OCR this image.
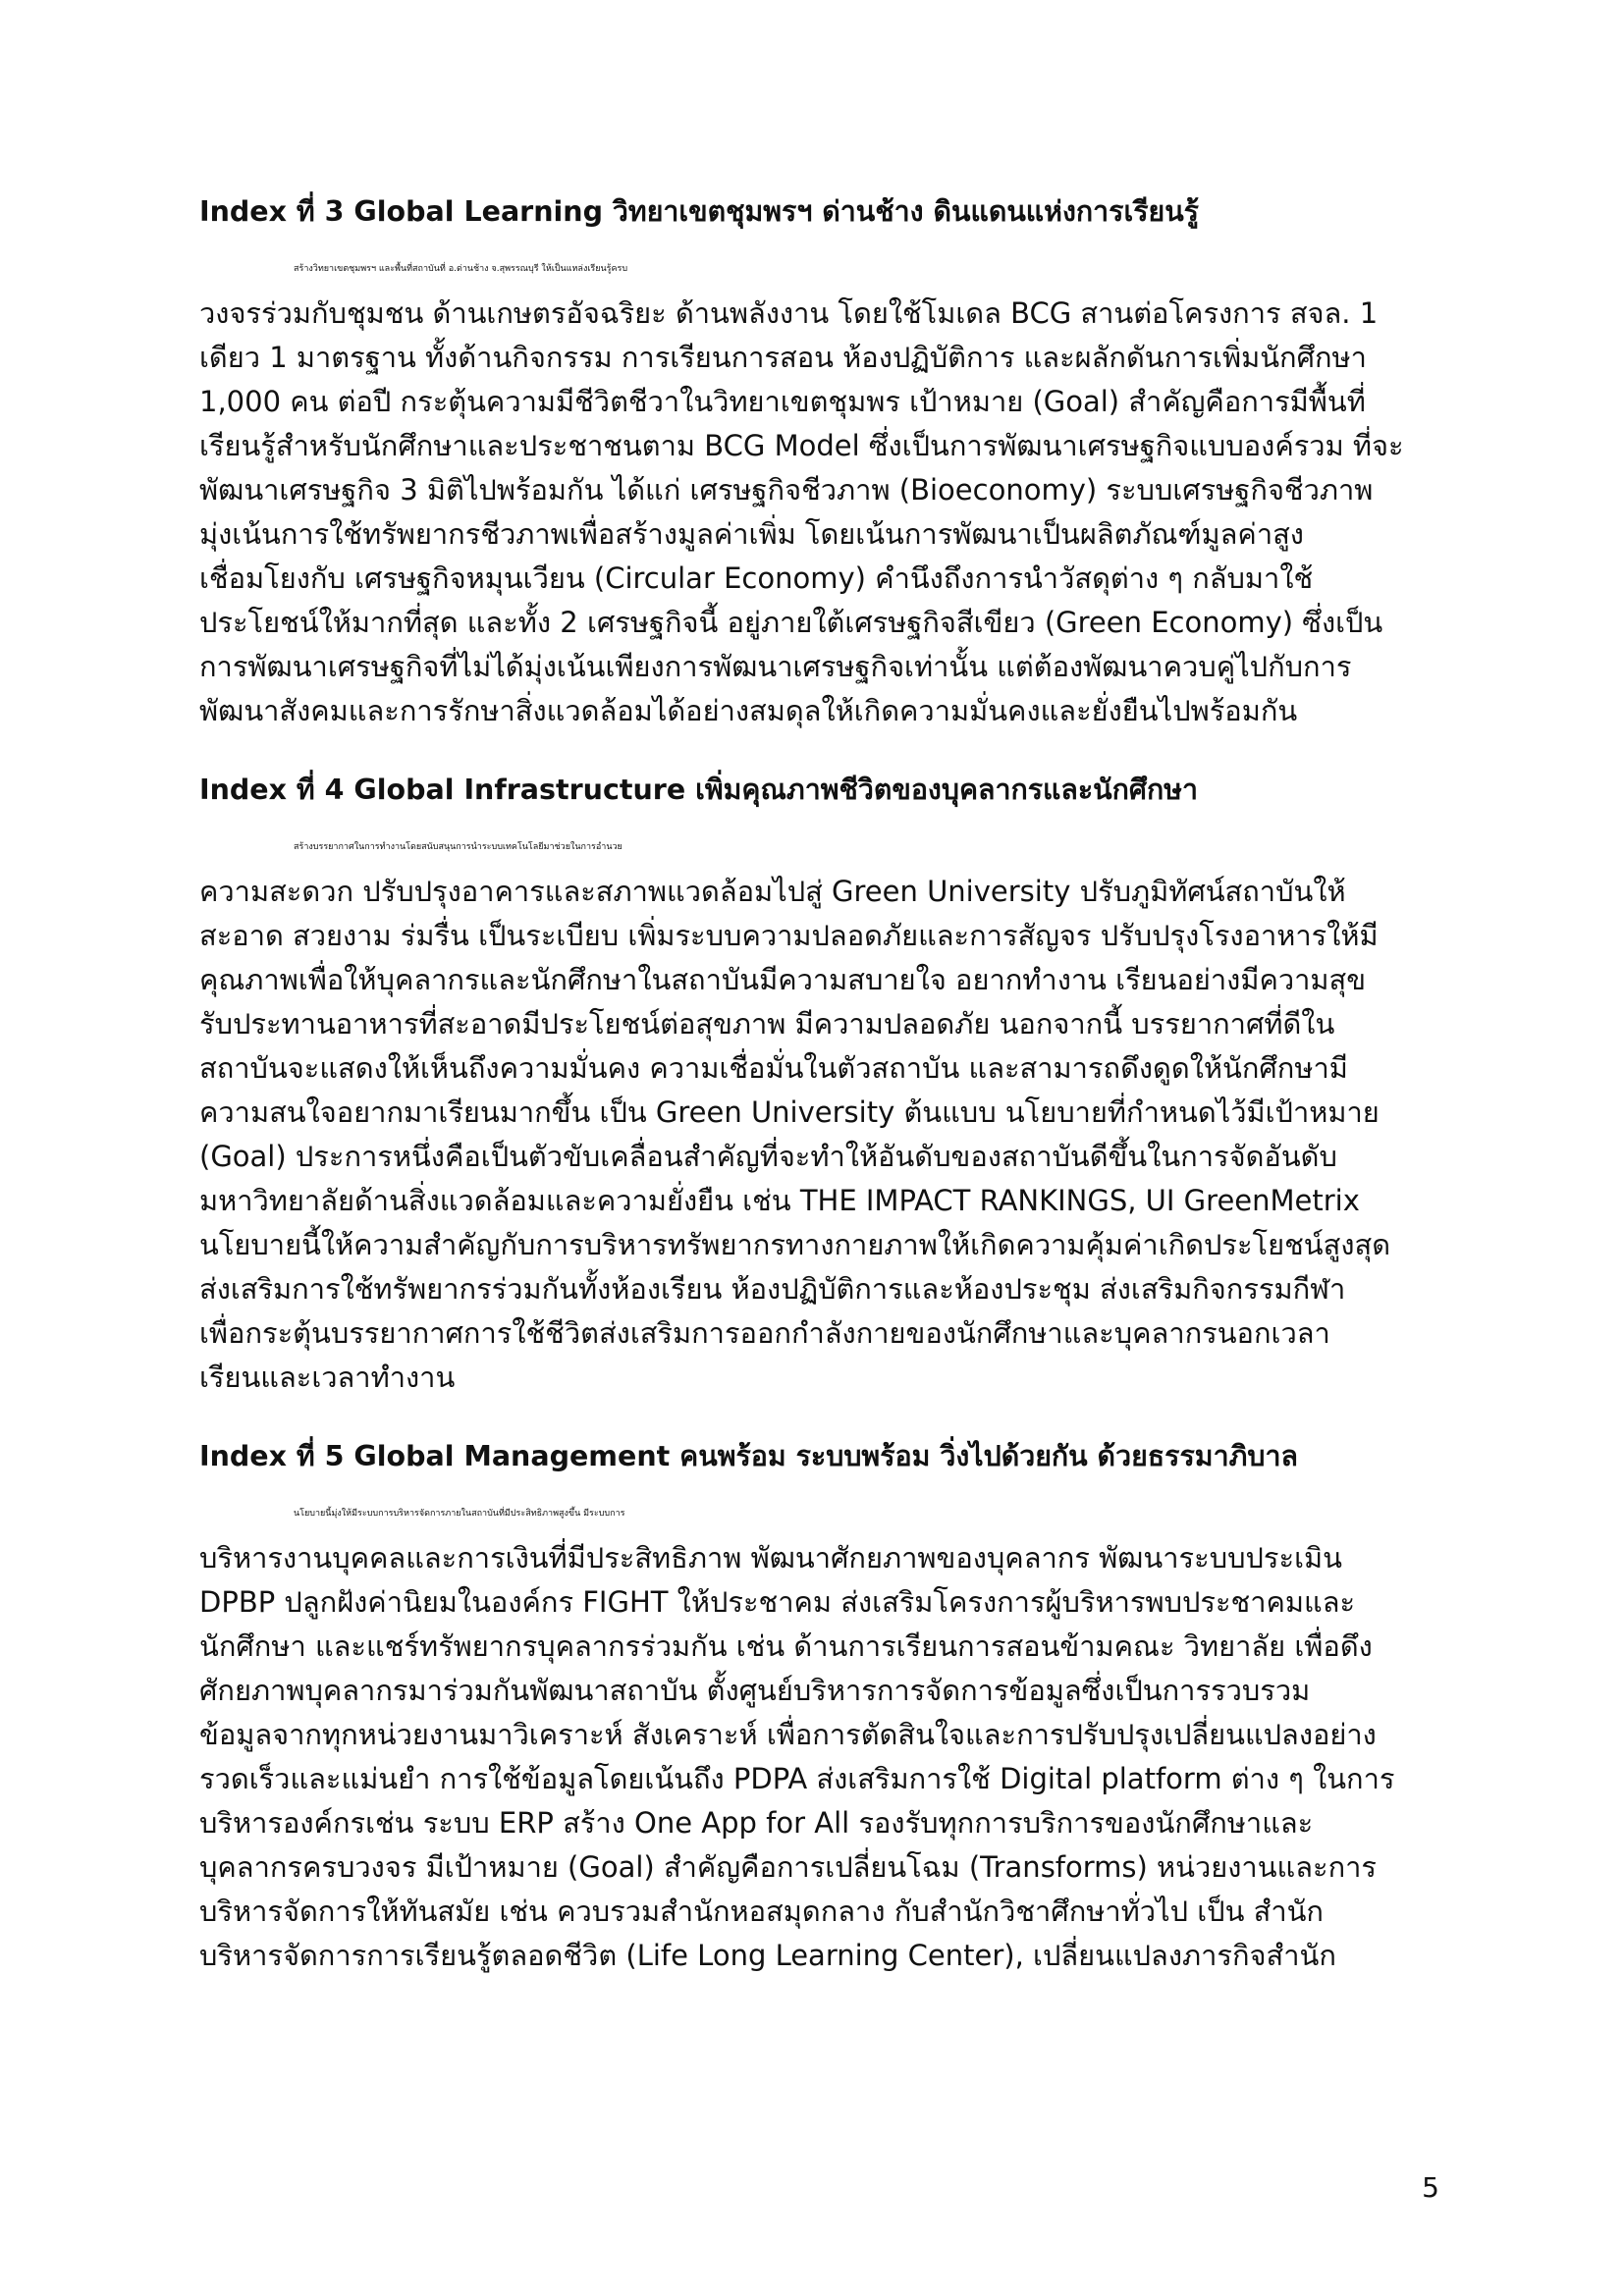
Index ที่ 3 Global Learning วิทยาเขตชุมพรฯ ด่านช้าง ดินแดนแห่งการเรียนรู้
สร้างวิทยาเขตชุมพรฯ และพื้นที่สถาบันที่ อ.ด่านช้าง จ.สุพรรณบุรี ให้เป็นแหล่งเรียนรู้ครบ
วงจรร่วมกับชุมชน ด้านเกษตรอัจฉริยะ ด้านพลังงาน โดยใช้โมเดล BCG สานต่อโครงการ สจล. 1
เดียว 1 มาตรฐาน ทั้งด้านกิจกรรม การเรียนการสอน ห้องปฏิบัติการ และผลักดันการเพิ่มนักศึกษา
1,000 คน ต่อปี กระตุ้นความมีชีวิตชีวาในวิทยาเขตชุมพร เป้าหมาย (Goal) สำคัญคือการมีพื้นที่
เรียนรู้สำหรับนักศึกษาและประชาชนตาม BCG Model ซึ่งเป็นการพัฒนาเศรษฐกิจแบบองค์รวม ที่จะ
พัฒนาเศรษฐกิจ 3 มิติไปพร้อมกัน ได้แก่ เศรษฐกิจชีวภาพ (Bioeconomy) ระบบเศรษฐกิจชีวภาพ
มุ่งเน้นการใช้ทรัพยากรชีวภาพเพื่อสร้างมูลค่าเพิ่ม โดยเน้นการพัฒนาเป็นผลิตภัณฑ์มูลค่าสูง
เชื่อมโยงกับ เศรษฐกิจหมุนเวียน (Circular Economy) คำนึงถึงการนำวัสดุต่าง ๆ กลับมาใช้
ประโยชน์ให้มากที่สุด และทั้ง 2 เศรษฐกิจนี้ อยู่ภายใต้เศรษฐกิจสีเขียว (Green Economy) ซึ่งเป็น
การพัฒนาเศรษฐกิจที่ไม่ได้มุ่งเน้นเพียงการพัฒนาเศรษฐกิจเท่านั้น แต่ต้องพัฒนาควบคู่ไปกับการ
พัฒนาสังคมและการรักษาสิ่งแวดล้อมได้อย่างสมดุลให้เกิดความมั่นคงและยั่งยืนไปพร้อมกัน
Index ที่ 4 Global Infrastructure เพิ่มคุณภาพชีวิตของบุคลากรและนักศึกษา
สร้างบรรยากาศในการทำงานโดยสนับสนุนการนำระบบเทคโนโลยีมาช่วยในการอำนวย
ความสะดวก ปรับปรุงอาคารและสภาพแวดล้อมไปสู่ Green University ปรับภูมิทัศน์สถาบันให้
สะอาด สวยงาม ร่มรื่น เป็นระเบียบ เพิ่มระบบความปลอดภัยและการสัญจร ปรับปรุงโรงอาหารให้มี
คุณภาพเพื่อให้บุคลากรและนักศึกษาในสถาบันมีความสบายใจ อยากทำงาน เรียนอย่างมีความสุข
รับประทานอาหารที่สะอาดมีประโยชน์ต่อสุขภาพ มีความปลอดภัย นอกจากนี้ บรรยากาศที่ดีใน
สถาบันจะแสดงให้เห็นถึงความมั่นคง ความเชื่อมั่นในตัวสถาบัน และสามารถดึงดูดให้นักศึกษามี
ความสนใจอยากมาเรียนมากขึ้น เป็น Green University ต้นแบบ นโยบายที่กำหนดไว้มีเป้าหมาย
(Goal) ประการหนึ่งคือเป็นตัวขับเคลื่อนสำคัญที่จะทำให้อันดับของสถาบันดีขึ้นในการจัดอันดับ
มหาวิทยาลัยด้านสิ่งแวดล้อมและความยั่งยืน เช่น THE IMPACT RANKINGS, UI GreenMetrix
นโยบายนี้ให้ความสำคัญกับการบริหารทรัพยากรทางกายภาพให้เกิดความคุ้มค่าเกิดประโยชน์สูงสุด
ส่งเสริมการใช้ทรัพยากรร่วมกันทั้งห้องเรียน ห้องปฏิบัติการและห้องประชุม ส่งเสริมกิจกรรมกีฬา
เพื่อกระตุ้นบรรยากาศการใช้ชีวิตส่งเสริมการออกกำลังกายของนักศึกษาและบุคลากรนอกเวลา
เรียนและเวลาทำงาน
Index ที่ 5 Global Management คนพร้อม ระบบพร้อม วิ่งไปด้วยกัน ด้วยธรรมาภิบาล
นโยบายนี้มุ่งให้มีระบบการบริหารจัดการภายในสถาบันที่มีประสิทธิภาพสูงขึ้น มีระบบการ
บริหารงานบุคคลและการเงินที่มีประสิทธิภาพ พัฒนาศักยภาพของบุคลากร พัฒนาระบบประเมิน
DPBP ปลูกฝังค่านิยมในองค์กร FIGHT ให้ประชาคม ส่งเสริมโครงการผู้บริหารพบประชาคมและ
นักศึกษา และแชร์ทรัพยากรบุคลากรร่วมกัน เช่น ด้านการเรียนการสอนข้ามคณะ วิทยาลัย เพื่อดึง
ศักยภาพบุคลากรมาร่วมกันพัฒนาสถาบัน ตั้งศูนย์บริหารการจัดการข้อมูลซึ่งเป็นการรวบรวม
ข้อมูลจากทุกหน่วยงานมาวิเคราะห์ สังเคราะห์ เพื่อการตัดสินใจและการปรับปรุงเปลี่ยนแปลงอย่าง
รวดเร็วและแม่นยำ การใช้ข้อมูลโดยเน้นถึง PDPA ส่งเสริมการใช้ Digital platform ต่าง ๆ ในการ
บริหารองค์กรเช่น ระบบ ERP สร้าง One App for All รองรับทุกการบริการของนักศึกษาและ
บุคลากรครบวงจร มีเป้าหมาย (Goal) สำคัญคือการเปลี่ยนโฉม (Transforms) หน่วยงานและการ
บริหารจัดการให้ทันสมัย เช่น ควบรวมสำนักหอสมุดกลาง กับสำนักวิชาศึกษาทั่วไป เป็น สำนัก
บริหารจัดการการเรียนรู้ตลอดชีวิต (Life Long Learning Center), เปลี่ยนแปลงภารกิจสำนัก
5
